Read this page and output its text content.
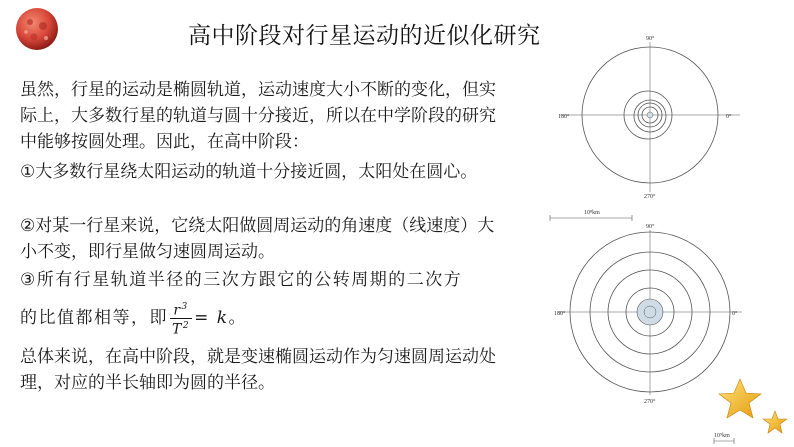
高中阶段对行星运动的近似化研究
虽然，行星的运动是椭圆轨道，运动速度大小不断的变化，但实际上，大多数行星的轨道与圆十分接近，所以在中学阶段的研究中能够按圆处理。因此，在高中阶段：
①大多数行星绕太阳运动的轨道十分接近圆，太阳处在圆心。
②对某一行星来说，它绕太阳做圆周运动的角速度（线速度）大小不变，即行星做匀速圆周运动。
③所有行星轨道半径的三次方跟它的公转周期的二次方
的比值都相等，即 $\frac{r^3}{T^2} = k$。
总体来说，在高中阶段，就是变速椭圆运动作为匀速圆周运动处理，对应的半长轴即为圆的半径。
90°
180°	0°
270°
10⁸km
90°
180°	0°
270°
10⁹km
